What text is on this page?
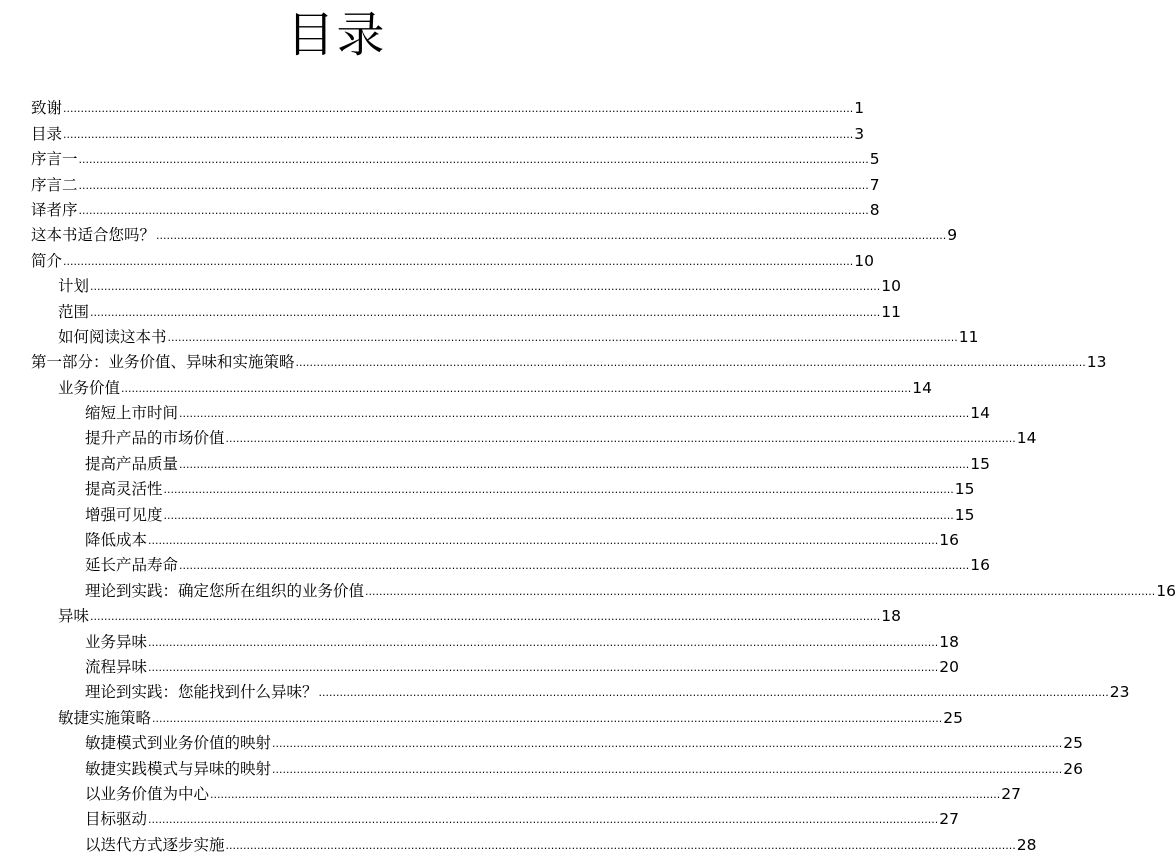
目录
致谢 .................................................................................................................................................................................................................................. 1
目录 .................................................................................................................................................................................................................................. 3
序言一 .................................................................................................................................................................................................................................. 5
序言二 .................................................................................................................................................................................................................................. 7
译者序 .................................................................................................................................................................................................................................. 8
这本书适合您吗？ .................................................................................................................................................................................................................................. 9
简介 .................................................................................................................................................................................................................................. 10
计划 .................................................................................................................................................................................................................................. 10
范围 .................................................................................................................................................................................................................................. 11
如何阅读这本书 .................................................................................................................................................................................................................................. 11
第一部分：业务价值、异味和实施策略 .................................................................................................................................................................................................................................. 13
业务价值 .................................................................................................................................................................................................................................. 14
缩短上市时间 .................................................................................................................................................................................................................................. 14
提升产品的市场价值 .................................................................................................................................................................................................................................. 14
提高产品质量 .................................................................................................................................................................................................................................. 15
提高灵活性 .................................................................................................................................................................................................................................. 15
增强可见度 .................................................................................................................................................................................................................................. 15
降低成本 .................................................................................................................................................................................................................................. 16
延长产品寿命 .................................................................................................................................................................................................................................. 16
理论到实践：确定您所在组织的业务价值 .................................................................................................................................................................................................................................. 16
异味 .................................................................................................................................................................................................................................. 18
业务异味 .................................................................................................................................................................................................................................. 18
流程异味 .................................................................................................................................................................................................................................. 20
理论到实践：您能找到什么异味？ .................................................................................................................................................................................................................................. 23
敏捷实施策略 .................................................................................................................................................................................................................................. 25
敏捷模式到业务价值的映射 .................................................................................................................................................................................................................................. 25
敏捷实践模式与异味的映射 .................................................................................................................................................................................................................................. 26
以业务价值为中心 .................................................................................................................................................................................................................................. 27
目标驱动 .................................................................................................................................................................................................................................. 27
以迭代方式逐步实施 .................................................................................................................................................................................................................................. 28
